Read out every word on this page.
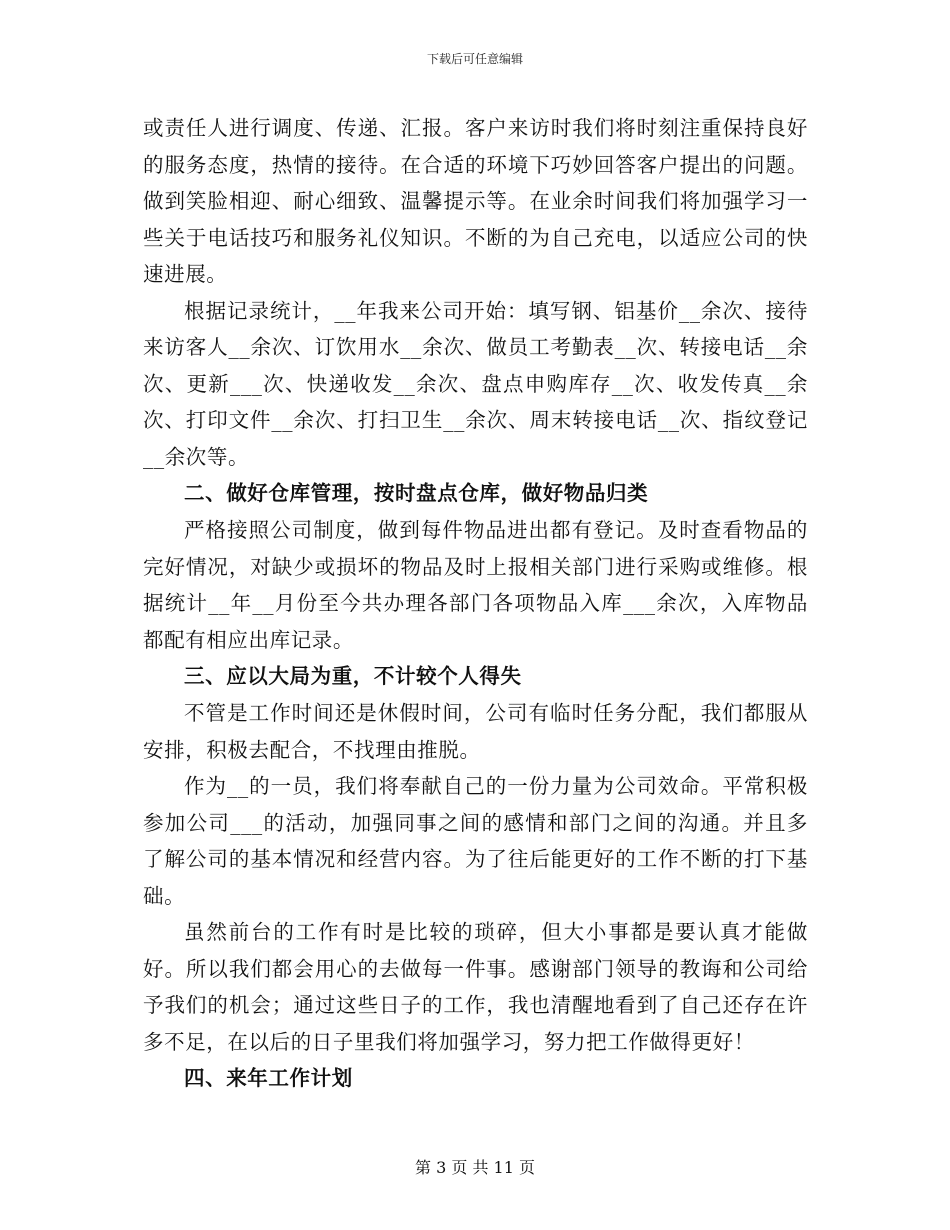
下载后可任意编辑

或责任人进行调度、传递、汇报。客户来访时我们将时刻注重保持良好的服务态度，热情的接待。在合适的环境下巧妙回答客户提出的问题。做到笑脸相迎、耐心细致、温馨提示等。在业余时间我们将加强学习一些关于电话技巧和服务礼仪知识。不断的为自己充电，以适应公司的快速进展。

根据记录统计，__年我来公司开始：填写钢、铝基价__余次、接待来访客人__余次、订饮用水__余次、做员工考勤表__次、转接电话__余次、更新___次、快递收发__余次、盘点申购库存__次、收发传真__余次、打印文件__余次、打扫卫生__余次、周末转接电话__次、指纹登记__余次等。

二、做好仓库管理，按时盘点仓库，做好物品归类

严格接照公司制度，做到每件物品进出都有登记。及时查看物品的完好情况，对缺少或损坏的物品及时上报相关部门进行采购或维修。根据统计__年__月份至今共办理各部门各项物品入库___余次，入库物品都配有相应出库记录。

三、应以大局为重，不计较个人得失

不管是工作时间还是休假时间，公司有临时任务分配，我们都服从安排，积极去配合，不找理由推脱。

作为__的一员，我们将奉献自己的一份力量为公司效命。平常积极参加公司___的活动，加强同事之间的感情和部门之间的沟通。并且多了解公司的基本情况和经营内容。为了往后能更好的工作不断的打下基础。

虽然前台的工作有时是比较的琐碎，但大小事都是要认真才能做好。所以我们都会用心的去做每一件事。感谢部门领导的教诲和公司给予我们的机会；通过这些日子的工作，我也清醒地看到了自己还存在许多不足，在以后的日子里我们将加强学习，努力把工作做得更好！

四、来年工作计划

第 3 页 共 11 页
